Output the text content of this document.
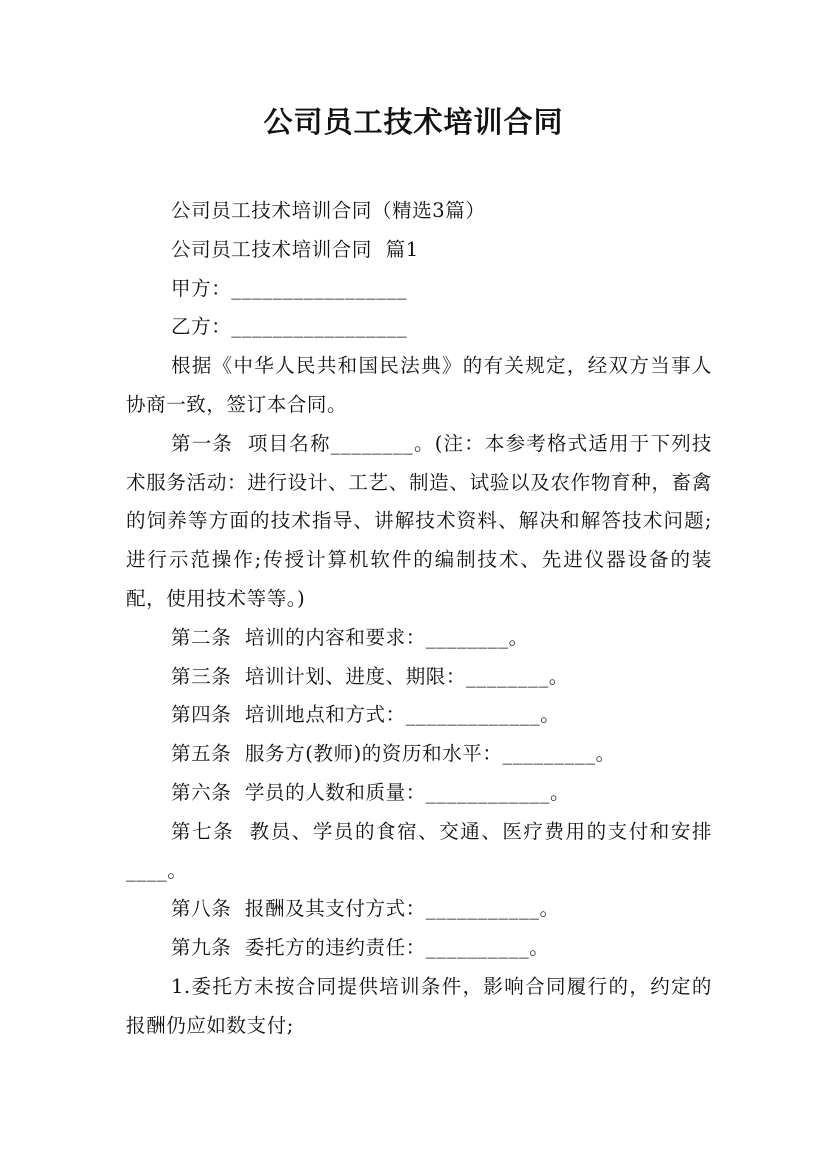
公司员工技术培训合同

公司员工技术培训合同（精选3篇）

公司员工技术培训合同  篇1

甲方：_________________

乙方：_________________

根据《中华人民共和国民法典》的有关规定，经双方当事人协商一致，签订本合同。

第一条  项目名称________。(注：本参考格式适用于下列技术服务活动：进行设计、工艺、制造、试验以及农作物育种，畜禽的饲养等方面的技术指导、讲解技术资料、解决和解答技术问题;进行示范操作;传授计算机软件的编制技术、先进仪器设备的装配，使用技术等等。)

第二条  培训的内容和要求：________。

第三条  培训计划、进度、期限：________。

第四条  培训地点和方式：_____________。

第五条  服务方(教师)的资历和水平：_________。

第六条  学员的人数和质量：____________。

第七条  教员、学员的食宿、交通、医疗费用的支付和安排____。

第八条  报酬及其支付方式：___________。

第九条  委托方的违约责任：__________。

1.委托方未按合同提供培训条件，影响合同履行的，约定的报酬仍应如数支付;
